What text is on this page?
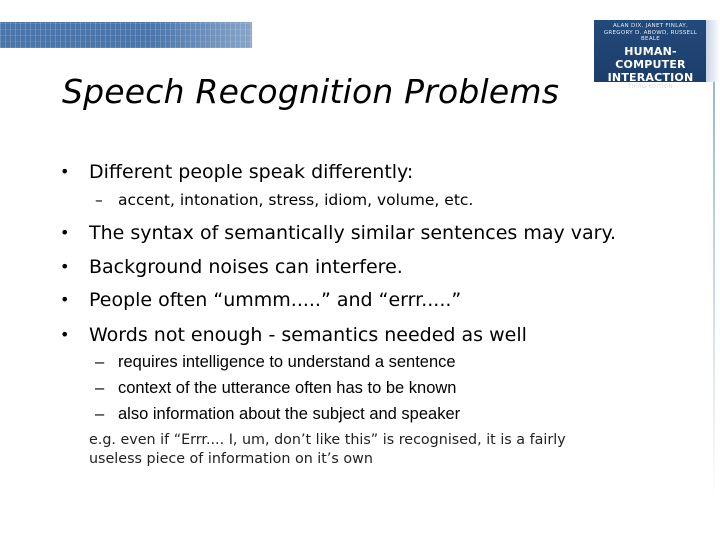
ALAN DIX, JANET FINLAY,
GREGORY D. ABOWD, RUSSELL BEALE
HUMAN-COMPUTER
INTERACTION
THIRD EDITION
Speech Recognition Problems
• Different people speak differently:
– accent, intonation, stress, idiom, volume, etc.
• The syntax of semantically similar sentences may vary.
• Background noises can interfere.
• People often “ummm.....” and “errr.....”
• Words not enough - semantics needed as well
– requires intelligence to understand a sentence
– context of the utterance often has to be known
– also information about the subject and speaker
e.g. even if “Errr.... I, um, don’t like this” is recognised, it is a fairly
useless piece of information on it’s own
